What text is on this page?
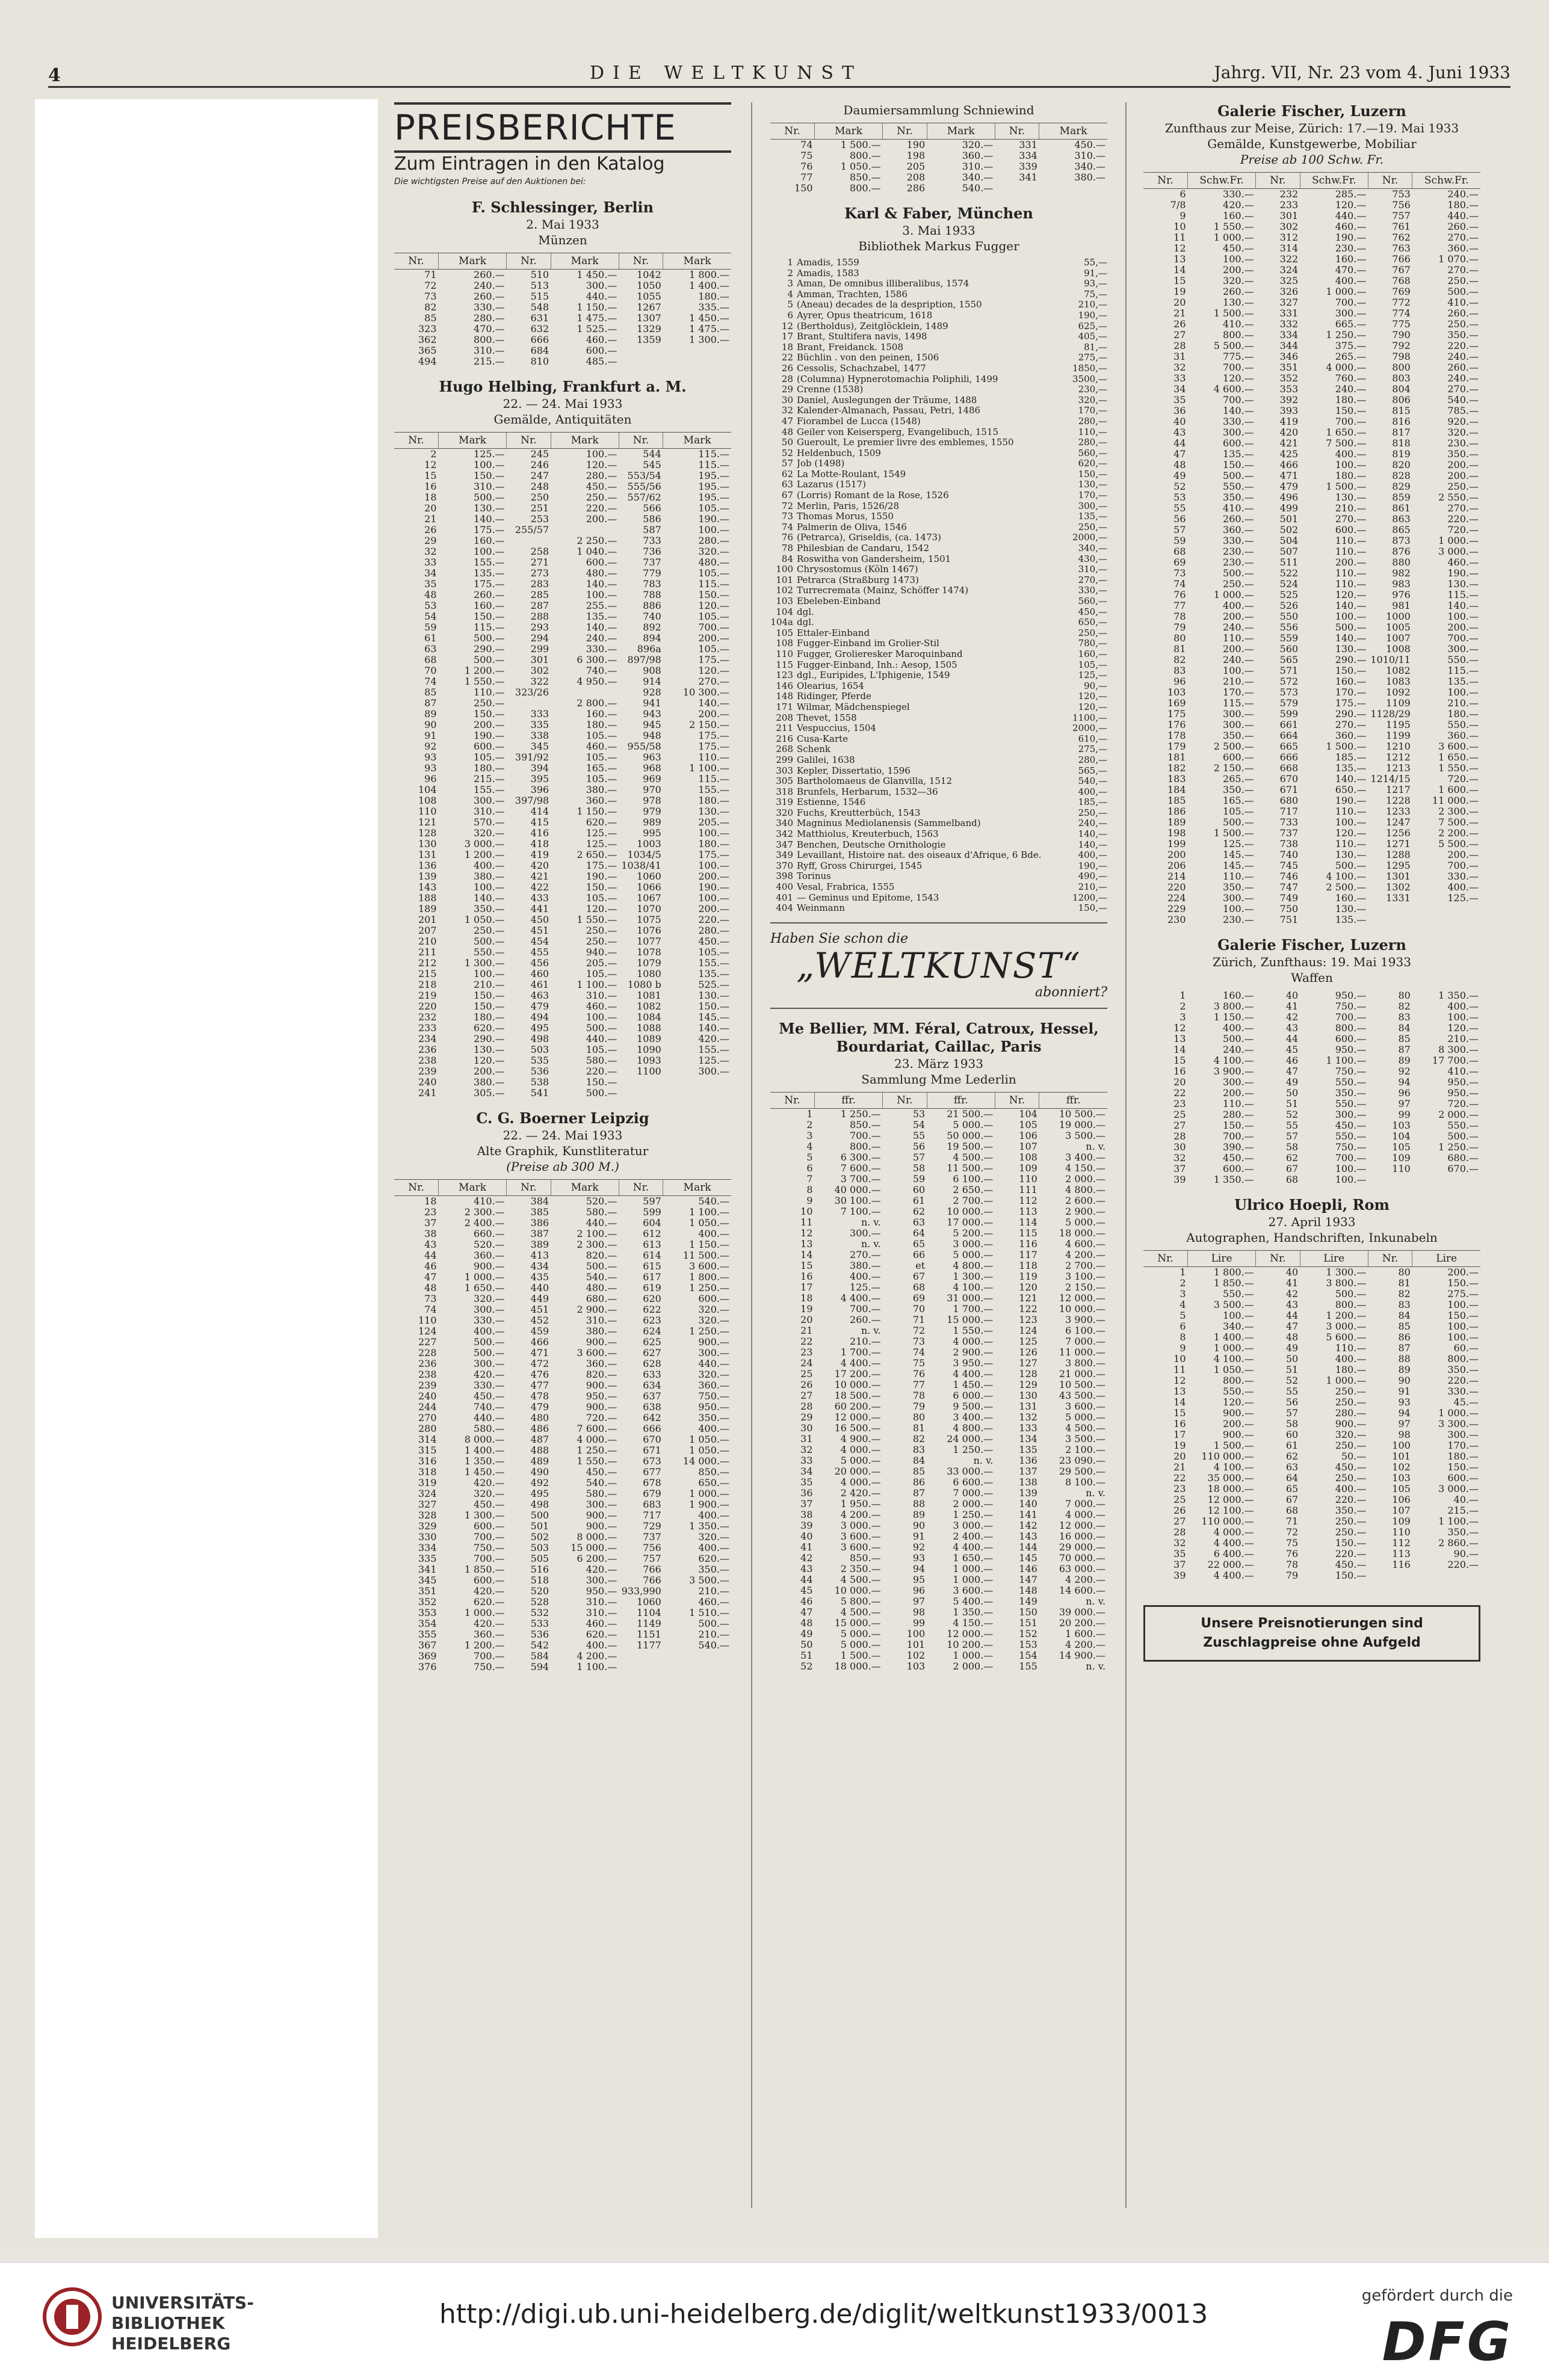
4	DIE WELTKUNST	Jahrg. VII, Nr. 23 vom 4. Juni 1933
PREISBERICHTE
Zum Eintragen in den Katalog
Die wichtigsten Preise auf den Auktionen bei:
F. Schlessinger, Berlin
2. Mai 1933
Münzen
Nr.	Mark	Nr.	Mark	Nr.	Mark
71	260.—	510	1 450.—	1042	1 800.—
72	240.—	513	300.—	1050	1 400.—
73	260.—	515	440.—	1055	180.—
82	330.—	548	1 150.—	1267	335.—
85	280.—	631	1 475.—	1307	1 450.—
323	470.—	632	1 525.—	1329	1 475.—
362	800.—	666	460.—	1359	1 300.—
365	310.—	684	600.—		
494	215.—	810	485.—		
Hugo Helbing, Frankfurt a. M.
22. — 24. Mai 1933
Gemälde, Antiquitäten
Nr.	Mark	Nr.	Mark	Nr.	Mark
2	125.—	245	100.—	544	115.—
12	100.—	246	120.—	545	115.—
15	150.—	247	280.—	553/54	195.—
16	310.—	248	450.—	555/56	195.—
18	500.—	250	250.—	557/62	195.—
20	130.—	251	220.—	566	105.—
21	140.—	253	200.—	586	190.—
26	175.—	255/57		587	100.—
29	160.—		2 250.—	733	280.—
32	100.—	258	1 040.—	736	320.—
33	155.—	271	600.—	737	480.—
34	135.—	273	480.—	779	105.—
35	175.—	283	140.—	783	115.—
48	260.—	285	100.—	788	150.—
53	160.—	287	255.—	886	120.—
54	150.—	288	135.—	740	105.—
59	115.—	293	140.—	892	700.—
61	500.—	294	240.—	894	200.—
63	290.—	299	330.—	896a	105.—
68	500.—	301	6 300.—	897/98	175.—
70	1 200.—	302	740.—	908	120.—
74	1 550.—	322	4 950.—	914	270.—
85	110.—	323/26		928	10 300.—
87	250.—		2 800.—	941	140.—
89	150.—	333	160.—	943	200.—
90	200.—	335	180.—	945	2 150.—
91	190.—	338	105.—	948	175.—
92	600.—	345	460.—	955/58	175.—
93	105.—	391/92	105.—	963	110.—
93	180.—	394	165.—	968	1 100.—
96	215.—	395	105.—	969	115.—
104	155.—	396	380.—	970	155.—
108	300.—	397/98	360.—	978	180.—
110	310.—	414	1 150.—	979	130.—
121	570.—	415	620.—	989	205.—
128	320.—	416	125.—	995	100.—
130	3 000.—	418	125.—	1003	180.—
131	1 200.—	419	2 650.—	1034/5	175.—
136	400.—	420	175.—	1038/41	100.—
139	380.—	421	190.—	1060	200.—
143	100.—	422	150.—	1066	190.—
188	140.—	433	105.—	1067	100.—
189	350.—	441	120.—	1070	200.—
201	1 050.—	450	1 550.—	1075	220.—
207	250.—	451	250.—	1076	280.—
210	500.—	454	250.—	1077	450.—
211	550.—	455	940.—	1078	105.—
212	1 300.—	456	205.—	1079	155.—
215	100.—	460	105.—	1080	135.—
218	210.—	461	1 100.—	1080 b	525.—
219	150.—	463	310.—	1081	130.—
220	150.—	479	460.—	1082	150.—
232	180.—	494	100.—	1084	145.—
233	620.—	495	500.—	1088	140.—
234	290.—	498	440.—	1089	420.—
236	130.—	503	105.—	1090	155.—
238	120.—	535	580.—	1093	125.—
239	200.—	536	220.—	1100	300.—
240	380.—	538	150.—		
241	305.—	541	500.—		
C. G. Boerner Leipzig
22. — 24. Mai 1933
Alte Graphik, Kunstliteratur
(Preise ab 300 M.)
Nr.	Mark	Nr.	Mark	Nr.	Mark
18	410.—	384	520.—	597	540.—
23	2 300.—	385	580.—	599	1 100.—
37	2 400.—	386	440.—	604	1 050.—
38	660.—	387	2 100.—	612	400.—
43	520.—	389	2 300.—	613	1 150.—
44	360.—	413	820.—	614	11 500.—
46	900.—	434	500.—	615	3 600.—
47	1 000.—	435	540.—	617	1 800.—
48	1 650.—	440	480.—	619	1 250.—
73	320.—	449	680.—	620	600.—
74	300.—	451	2 900.—	622	320.—
110	330.—	452	310.—	623	320.—
124	400.—	459	380.—	624	1 250.—
227	500.—	466	900.—	625	900.—
228	500.—	471	3 600.—	627	300.—
236	300.—	472	360.—	628	440.—
238	420.—	476	820.—	633	320.—
239	330.—	477	900.—	634	360.—
240	450.—	478	950.—	637	750.—
244	740.—	479	900.—	638	950.—
270	440.—	480	720.—	642	350.—
280	580.—	486	7 600.—	666	400.—
314	8 000.—	487	4 000.—	670	1 050.—
315	1 400.—	488	1 250.—	671	1 050.—
316	1 350.—	489	1 550.—	673	14 000.—
318	1 450.—	490	450.—	677	850.—
319	420.—	492	540.—	678	650.—
324	320.—	495	580.—	679	1 000.—
327	450.—	498	300.—	683	1 900.—
328	1 300.—	500	900.—	717	400.—
329	600.—	501	900.—	729	1 350.—
330	700.—	502	8 000.—	737	320.—
334	750.—	503	15 000.—	756	400.—
335	700.—	505	6 200.—	757	620.—
341	1 850.—	516	420.—	766	350.—
345	600.—	518	300.—	766	3 500.—
351	420.—	520	950.—	933,990	210.—
352	620.—	528	310.—	1060	460.—
353	1 000.—	532	310.—	1104	1 510.—
354	420.—	533	460.—	1149	500.—
355	360.—	536	620.—	1151	210.—
367	1 200.—	542	400.—	1177	540.—
369	700.—	584	4 200.—		
376	750.—	594	1 100.—		
Daumiersammlung Schniewind
Nr.	Mark	Nr.	Mark	Nr.	Mark
74	1 500.—	190	320.—	331	450.—
75	800.—	198	360.—	334	310.—
76	1 050.—	205	310.—	339	340.—
77	850.—	208	340.—	341	380.—
150	800.—	286	540.—		
Karl & Faber, München
3. Mai 1933
Bibliothek Markus Fugger
1 Amadis, 1559	55,—
2 Amadis, 1583	91,—
3 Aman, De omnibus illiberalibus, 1574	93,—
4 Amman, Trachten, 1586	75,—
5 (Aneau) decades de la despription, 1550	210,—
6 Ayrer, Opus theatricum, 1618	190,—
12 (Bertholdus), Zeitglöcklein, 1489	625,—
17 Brant, Stultifera navis, 1498	405,—
18 Brant, Freidanck. 1508	81,—
22 Büchlin . von den peinen, 1506	275,—
26 Cessolis, Schachzabel, 1477	1850,—
28 (Columna) Hypnerotomachia Poliphili, 1499	3500,—
29 Crenne (1538)	230,—
30 Daniel, Auslegungen der Träume, 1488	320,—
32 Kalender-Almanach, Passau, Petri, 1486	170,—
47 Fiorambel de Lucca (1548)	280,—
48 Geiler von Keisersperg, Evangelibuch, 1515	110,—
50 Gueroult, Le premier livre des emblemes, 1550	280,—
52 Heldenbuch, 1509	560,—
57 Job (1498)	620,—
62 La Motte-Roulant, 1549	150,—
63 Lazarus (1517)	130,—
67 (Lorris) Romant de la Rose, 1526	170,—
72 Merlin, Paris, 1526/28	300,—
73 Thomas Morus, 1550	135,—
74 Palmerin de Oliva, 1546	250,—
76 (Petrarca), Griseldis, (ca. 1473)	2000,—
78 Philesbian de Candaru, 1542	340,—
84 Roswitha von Gandersheim, 1501	430,—
100 Chrysostomus (Köln 1467)	310,—
101 Petrarca (Straßburg 1473)	270,—
102 Turrecremata (Mainz, Schöffer 1474)	330,—
103 Ebeleben-Einband	560,—
104 dgl.	450,—
104a dgl.	650,—
105 Ettaler-Einband	250,—
108 Fugger-Einband im Grolier-Stil	780,—
110 Fugger, Grolieresker Maroquinband	160,—
115 Fugger-Einband, Inh.: Aesop, 1505	105,—
123 dgl., Euripides, L'Iphigenie, 1549	125,—
146 Olearius, 1654	90,—
148 Ridinger, Pferde	120,—
171 Wilmar, Mädchenspiegel	120,—
208 Thevet, 1558	1100,—
211 Vespuccius, 1504	2000,—
216 Cusa-Karte	610,—
268 Schenk	275,—
299 Galilei, 1638	280,—
303 Kepler, Dissertatio, 1596	565,—
305 Bartholomaeus de Glanvilla, 1512	540,—
318 Brunfels, Herbarum, 1532—36	400,—
319 Estienne, 1546	185,—
320 Fuchs, Kreutterbüch, 1543	250,—
340 Magninus Mediolanensis (Sammelband)	240,—
342 Matthiolus, Kreuterbuch, 1563	140,—
347 Benchen, Deutsche Ornithologie	140,—
349 Levaillant, Histoire nat. des oiseaux d'Afrique, 6 Bde.	400,—
370 Ryff, Gross Chirurgei, 1545	190,—
398 Torinus	490,—
400 Vesal, Frabrica, 1555	210,—
401 — Geminus und Epitome, 1543	1200,—
404 Weinmann	150,—
Haben Sie schon die
„WELTKUNST“
abonniert?
Me Bellier, MM. Féral, Catroux, Hessel, Bourdariat, Caillac, Paris
23. März 1933
Sammlung Mme Lederlin
Nr.	ffr.	Nr.	ffr.	Nr.	ffr.
1	1 250.—	53	21 500.—	104	10 500.—
2	850.—	54	5 000.—	105	19 000.—
3	700.—	55	50 000.—	106	3 500.—
4	800.—	56	19 500.—	107	n. v.
5	6 300.—	57	4 500.—	108	3 400.—
6	7 600.—	58	11 500.—	109	4 150.—
7	3 700.—	59	6 100.—	110	2 000.—
8	40 000.—	60	2 650.—	111	4 800.—
9	30 100.—	61	2 700.—	112	2 600.—
10	7 100.—	62	10 000.—	113	2 900.—
11	n. v.	63	17 000.—	114	5 000.—
12	300.—	64	5 200.—	115	18 000.—
13	n. v.	65	3 000.—	116	4 600.—
14	270.—	66	5 000.—	117	4 200.—
15	380.—	et	4 800.—	118	2 700.—
16	400.—	67	1 300.—	119	3 100.—
17	125.—	68	4 100.—	120	2 150.—
18	4 400.—	69	31 000.—	121	12 000.—
19	700.—	70	1 700.—	122	10 000.—
20	260.—	71	15 000.—	123	3 900.—
21	n. v.	72	1 550.—	124	6 100.—
22	210.—	73	4 000.—	125	7 000.—
23	1 700.—	74	2 900.—	126	11 000.—
24	4 400.—	75	3 950.—	127	3 800.—
25	17 200.—	76	4 400.—	128	21 000.—
26	10 000.—	77	1 450.—	129	10 500.—
27	18 500.—	78	6 000.—	130	43 500.—
28	60 200.—	79	9 500.—	131	3 600.—
29	12 000.—	80	3 400.—	132	5 000.—
30	16 500.—	81	4 800.—	133	4 500.—
31	4 900.—	82	24 000.—	134	3 500.—
32	4 000.—	83	1 250.—	135	2 100.—
33	5 000.—	84	n. v.	136	23 090.—
34	20 000.—	85	33 000.—	137	29 500.—
35	4 000.—	86	6 600.—	138	8 100.—
36	2 420.—	87	7 000.—	139	n. v.
37	1 950.—	88	2 000.—	140	7 000.—
38	4 200.—	89	1 250.—	141	4 000.—
39	3 000.—	90	3 000.—	142	12 000.—
40	3 600.—	91	2 400.—	143	16 000.—
41	3 600.—	92	4 400.—	144	29 000.—
42	850.—	93	1 650.—	145	70 000.—
43	2 350.—	94	1 000.—	146	63 000.—
44	4 500.—	95	1 000.—	147	4 200.—
45	10 000.—	96	3 600.—	148	14 600.—
46	5 800.—	97	5 400.—	149	n. v.
47	4 500.—	98	1 350.—	150	39 000.—
48	15 000.—	99	4 150.—	151	20 200.—
49	5 000.—	100	12 000.—	152	1 600.—
50	5 000.—	101	10 200.—	153	4 200.—
51	1 500.—	102	1 000.—	154	14 900.—
52	18 000.—	103	2 000.—	155	n. v.
Galerie Fischer, Luzern
Zunfthaus zur Meise, Zürich: 17.—19. Mai 1933
Gemälde, Kunstgewerbe, Mobiliar
Preise ab 100 Schw. Fr.
Nr.	Schw.Fr.	Nr.	Schw.Fr.	Nr.	Schw.Fr.
6	330.—	232	285.—	753	240.—
7/8	420.—	233	120.—	756	180.—
9	160.—	301	440.—	757	440.—
10	1 550.—	302	460.—	761	260.—
11	1 000.—	312	190.—	762	270.—
12	450.—	314	230.—	763	360.—
13	100.—	322	160.—	766	1 070.—
14	200.—	324	470.—	767	270.—
15	320.—	325	400.—	768	250.—
19	260.—	326	1 000.—	769	500.—
20	130.—	327	700.—	772	410.—
21	1 500.—	331	300.—	774	260.—
26	410.—	332	665.—	775	250.—
27	800.—	334	1 250.—	790	350.—
28	5 500.—	344	375.—	792	220.—
31	775.—	346	265.—	798	240.—
32	700.—	351	4 000.—	800	260.—
33	120.—	352	760.—	803	240.—
34	4 600.—	353	240.—	804	270.—
35	700.—	392	180.—	806	540.—
36	140.—	393	150.—	815	785.—
40	330.—	419	700.—	816	920.—
43	300.—	420	1 650.—	817	320.—
44	600.—	421	7 500.—	818	230.—
47	135.—	425	400.—	819	350.—
48	150.—	466	100.—	820	200.—
49	500.—	471	180.—	828	200.—
52	550.—	479	1 500.—	829	250.—
53	350.—	496	130.—	859	2 550.—
55	410.—	499	210.—	861	270.—
56	260.—	501	270.—	863	220.—
57	360.—	502	600.—	865	720.—
59	330.—	504	110.—	873	1 000.—
68	230.—	507	110.—	876	3 000.—
69	230.—	511	200.—	880	460.—
73	500.—	522	110.—	982	190.—
74	250.—	524	110.—	983	130.—
76	1 000.—	525	120.—	976	115.—
77	400.—	526	140.—	981	140.—
78	200.—	550	100.—	1000	100.—
79	240.—	556	500.—	1005	200.—
80	110.—	559	140.—	1007	700.—
81	200.—	560	130.—	1008	300.—
82	240.—	565	290.—	1010/11	550.—
83	100.—	571	150.—	1082	115.—
96	210.—	572	160.—	1083	135.—
103	170.—	573	170.—	1092	100.—
169	115.—	579	175.—	1109	210.—
175	300.—	599	290.—	1128/29	180.—
176	300.—	661	270.—	1195	550.—
178	350.—	664	360.—	1199	360.—
179	2 500.—	665	1 500.—	1210	3 600.—
181	600.—	666	185.—	1212	1 650.—
182	2 150.—	668	135.—	1213	1 550.—
183	265.—	670	140.—	1214/15	720.—
184	350.—	671	650.—	1217	1 600.—
185	165.—	680	190.—	1228	11 000.—
186	105.—	717	110.—	1233	2 300.—
189	500.—	733	100.—	1247	7 500.—
198	1 500.—	737	120.—	1256	2 200.—
199	125.—	738	110.—	1271	5 500.—
200	145.—	740	130.—	1288	200.—
206	145.—	745	500.—	1295	700.—
214	110.—	746	4 100.—	1301	330.—
220	350.—	747	2 500.—	1302	400.—
224	300.—	749	160.—	1331	125.—
229	100.—	750	130.—		
230	230.—	751	135.—		
Galerie Fischer, Luzern
Zürich, Zunfthaus: 19. Mai 1933
Waffen
1	160.—	40	950.—	80	1 350.—
2	3 800.—	41	750.—	82	400.—
3	1 150.—	42	700.—	83	100.—
12	400.—	43	800.—	84	120.—
13	500.—	44	600.—	85	210.—
14	240.—	45	950.—	87	8 300.—
15	4 100.—	46	1 100.—	89	17 700.—
16	3 900.—	47	750.—	92	410.—
20	300.—	49	550.—	94	950.—
22	200.—	50	350.—	96	950.—
23	110.—	51	550.—	97	720.—
25	280.—	52	300.—	99	2 000.—
27	150.—	55	450.—	103	550.—
28	700.—	57	550.—	104	500.—
30	390.—	58	750.—	105	1 250.—
32	450.—	62	700.—	109	680.—
37	600.—	67	100.—	110	670.—
39	1 350.—	68	100.—		
Ulrico Hoepli, Rom
27. April 1933
Autographen, Handschriften, Inkunabeln
Nr.	Lire	Nr.	Lire	Nr.	Lire
1	1 800.—	40	1 300.—	80	200.—
2	1 850.—	41	3 800.—	81	150.—
3	550.—	42	500.—	82	275.—
4	3 500.—	43	800.—	83	100.—
5	100.—	44	1 200.—	84	150.—
6	340.—	47	3 000.—	85	100.—
8	1 400.—	48	5 600.—	86	100.—
9	1 000.—	49	110.—	87	60.—
10	4 100.—	50	400.—	88	800.—
11	1 050.—	51	180.—	89	350.—
12	800.—	52	1 000.—	90	220.—
13	550.—	55	250.—	91	330.—
14	120.—	56	250.—	93	45.—
15	900.—	57	280.—	94	1 000.—
16	200.—	58	900.—	97	3 300.—
17	900.—	60	320.—	98	300.—
19	1 500.—	61	250.—	100	170.—
20	110 000.—	62	50.—	101	180.—
21	4 100.—	63	450.—	102	150.—
22	35 000.—	64	250.—	103	600.—
23	18 000.—	65	400.—	105	3 000.—
25	12 000.—	67	220.—	106	40.—
26	12 100.—	68	350.—	107	215.—
27	110 000.—	71	250.—	109	1 100.—
28	4 000.—	72	250.—	110	350.—
32	4 400.—	75	150.—	112	2 860.—
35	6 400.—	76	220.—	113	90.—
37	22 000.—	78	450.—	116	220.—
39	4 400.—	79	150.—		
Unsere Preisnotierungen sind
Zuschlagpreise ohne Aufgeld
UNIVERSITÄTS-
BIBLIOTHEK
HEIDELBERG
http://digi.ub.uni-heidelberg.de/diglit/weltkunst1933/0013
gefördert durch die
DFG
